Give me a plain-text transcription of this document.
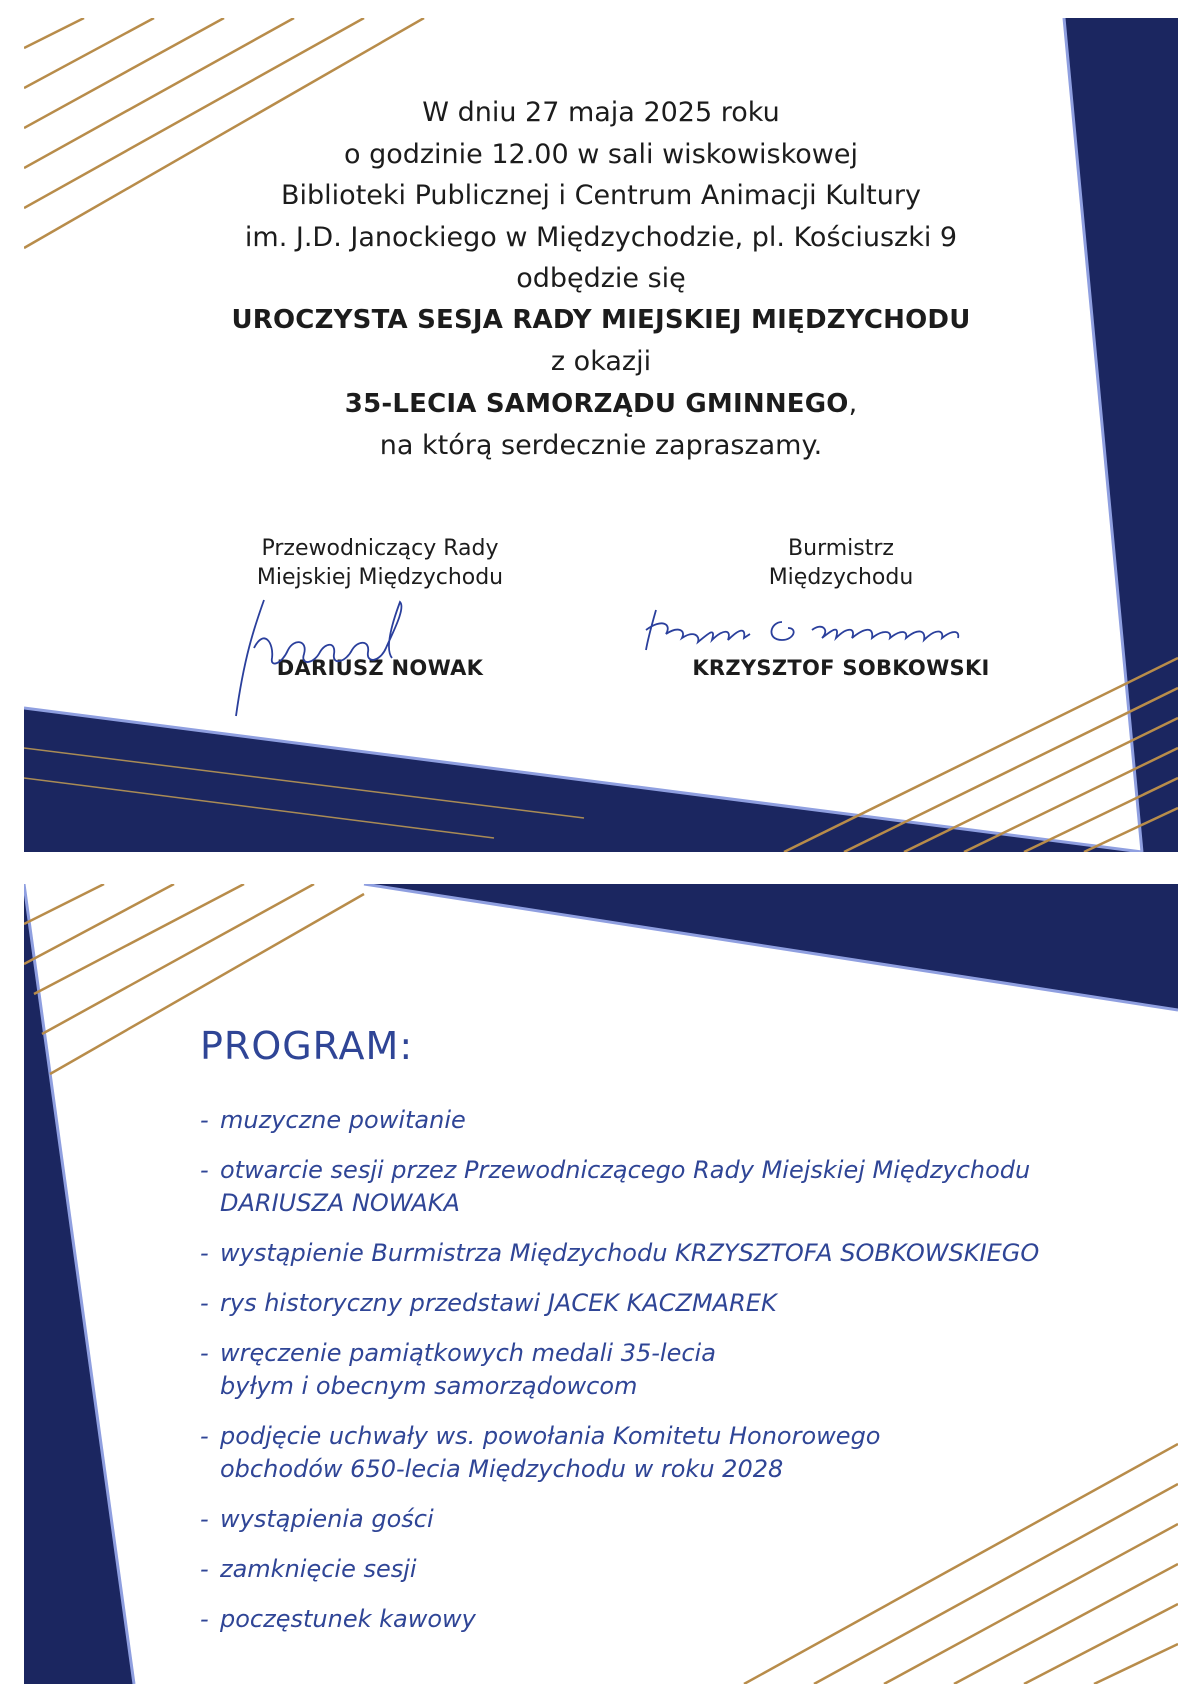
W dniu 27 maja 2025 roku
o godzinie 12.00 w sali wiskowiskowej
Biblioteki Publicznej i Centrum Animacji Kultury
im. J.D. Janockiego w Międzychodzie, pl. Kościuszki 9
odbędzie się
UROCZYSTA SESJA RADY MIEJSKIEJ MIĘDZYCHODU
z okazji
35-LECIA SAMORZĄDU GMINNEGO,
na którą serdecznie zapraszamy.
Przewodniczący Rady
Miejskiej Międzychodu
DARIUSZ NOWAK
Burmistrz
Międzychodu
KRZYSZTOF SOBKOWSKI
PROGRAM:
- muzyczne powitanie
- otwarcie sesji przez Przewodniczącego Rady Miejskiej Międzychodu
DARIUSZA NOWAKA
- wystąpienie Burmistrza Międzychodu KRZYSZTOFA SOBKOWSKIEGO
- rys historyczny przedstawi JACEK KACZMAREK
- wręczenie pamiątkowych medali 35-lecia
byłym i obecnym samorządowcom
- podjęcie uchwały ws. powołania Komitetu Honorowego
obchodów 650-lecia Międzychodu w roku 2028
- wystąpienia gości
- zamknięcie sesji
- poczęstunek kawowy
